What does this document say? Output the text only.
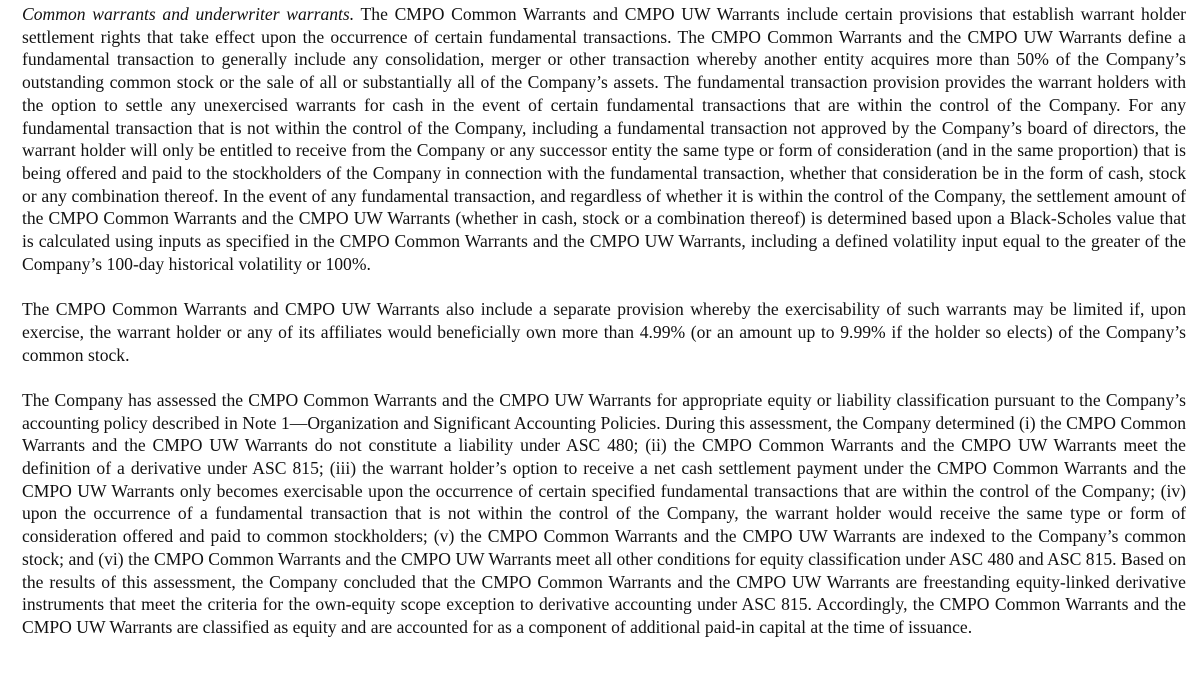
Common warrants and underwriter warrants. The CMPO Common Warrants and CMPO UW Warrants include certain provisions that establish warrant holder settlement rights that take effect upon the occurrence of certain fundamental transactions. The CMPO Common Warrants and the CMPO UW Warrants define a fundamental transaction to generally include any consolidation, merger or other transaction whereby another entity acquires more than 50% of the Company’s outstanding common stock or the sale of all or substantially all of the Company’s assets. The fundamental transaction provision provides the warrant holders with the option to settle any unexercised warrants for cash in the event of certain fundamental transactions that are within the control of the Company. For any fundamental transaction that is not within the control of the Company, including a fundamental transaction not approved by the Company’s board of directors, the warrant holder will only be entitled to receive from the Company or any successor entity the same type or form of consideration (and in the same proportion) that is being offered and paid to the stockholders of the Company in connection with the fundamental transaction, whether that consideration be in the form of cash, stock or any combination thereof. In the event of any fundamental transaction, and regardless of whether it is within the control of the Company, the settlement amount of the CMPO Common Warrants and the CMPO UW Warrants (whether in cash, stock or a combination thereof) is determined based upon a Black-Scholes value that is calculated using inputs as specified in the CMPO Common Warrants and the CMPO UW Warrants, including a defined volatility input equal to the greater of the Company’s 100-day historical volatility or 100%.

The CMPO Common Warrants and CMPO UW Warrants also include a separate provision whereby the exercisability of such warrants may be limited if, upon exercise, the warrant holder or any of its affiliates would beneficially own more than 4.99% (or an amount up to 9.99% if the holder so elects) of the Company’s common stock.

The Company has assessed the CMPO Common Warrants and the CMPO UW Warrants for appropriate equity or liability classification pursuant to the Company’s accounting policy described in Note 1—Organization and Significant Accounting Policies. During this assessment, the Company determined (i) the CMPO Common Warrants and the CMPO UW Warrants do not constitute a liability under ASC 480; (ii) the CMPO Common Warrants and the CMPO UW Warrants meet the definition of a derivative under ASC 815; (iii) the warrant holder’s option to receive a net cash settlement payment under the CMPO Common Warrants and the CMPO UW Warrants only becomes exercisable upon the occurrence of certain specified fundamental transactions that are within the control of the Company; (iv) upon the occurrence of a fundamental transaction that is not within the control of the Company, the warrant holder would receive the same type or form of consideration offered and paid to common stockholders; (v) the CMPO Common Warrants and the CMPO UW Warrants are indexed to the Company’s common stock; and (vi) the CMPO Common Warrants and the CMPO UW Warrants meet all other conditions for equity classification under ASC 480 and ASC 815. Based on the results of this assessment, the Company concluded that the CMPO Common Warrants and the CMPO UW Warrants are freestanding equity-linked derivative instruments that meet the criteria for the own-equity scope exception to derivative accounting under ASC 815. Accordingly, the CMPO Common Warrants and the CMPO UW Warrants are classified as equity and are accounted for as a component of additional paid-in capital at the time of issuance.
